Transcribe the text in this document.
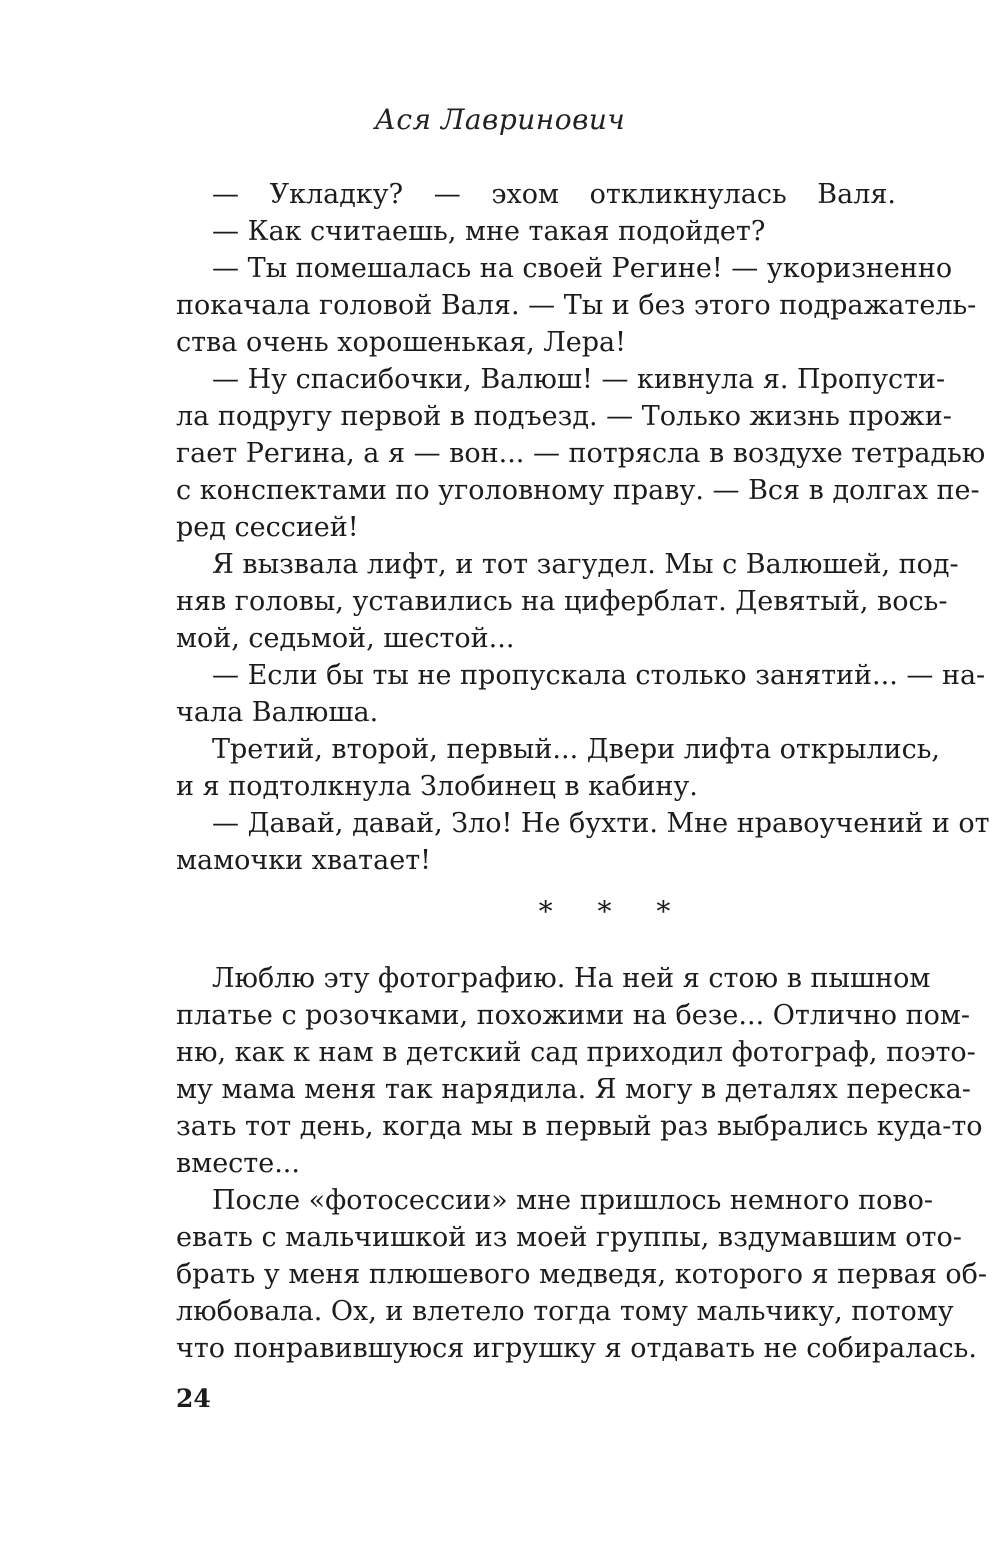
Ася Лавринович
— Укладку? — эхом откликнулась Валя.
— Как считаешь, мне такая подойдет?
— Ты помешалась на своей Регине! — укоризненно
покачала головой Валя. — Ты и без этого подражатель-
ства очень хорошенькая, Лера!
— Ну спасибочки, Валюш! — кивнула я. Пропусти-
ла подругу первой в подъезд. — Только жизнь прожи-
гает Регина, а я — вон... — потрясла в воздухе тетрадью
с конспектами по уголовному праву. — Вся в долгах пе-
ред сессией!
Я вызвала лифт, и тот загудел. Мы с Валюшей, под-
няв головы, уставились на циферблат. Девятый, вось-
мой, седьмой, шестой...
— Если бы ты не пропускала столько занятий... — на-
чала Валюша.
Третий, второй, первый... Двери лифта открылись,
и я подтолкнула Злобинец в кабину.
— Давай, давай, Зло! Не бухти. Мне нравоучений и от
мамочки хватает!
* * *
Люблю эту фотографию. На ней я стою в пышном
платье с розочками, похожими на безе... Отлично пом-
ню, как к нам в детский сад приходил фотограф, поэто-
му мама меня так нарядила. Я могу в деталях переска-
зать тот день, когда мы в первый раз выбрались куда-то
вместе...
После «фотосессии» мне пришлось немного пово-
евать с мальчишкой из моей группы, вздумавшим ото-
брать у меня плюшевого медведя, которого я первая об-
любовала. Ох, и влетело тогда тому мальчику, потому
что понравившуюся игрушку я отдавать не собиралась.
24
